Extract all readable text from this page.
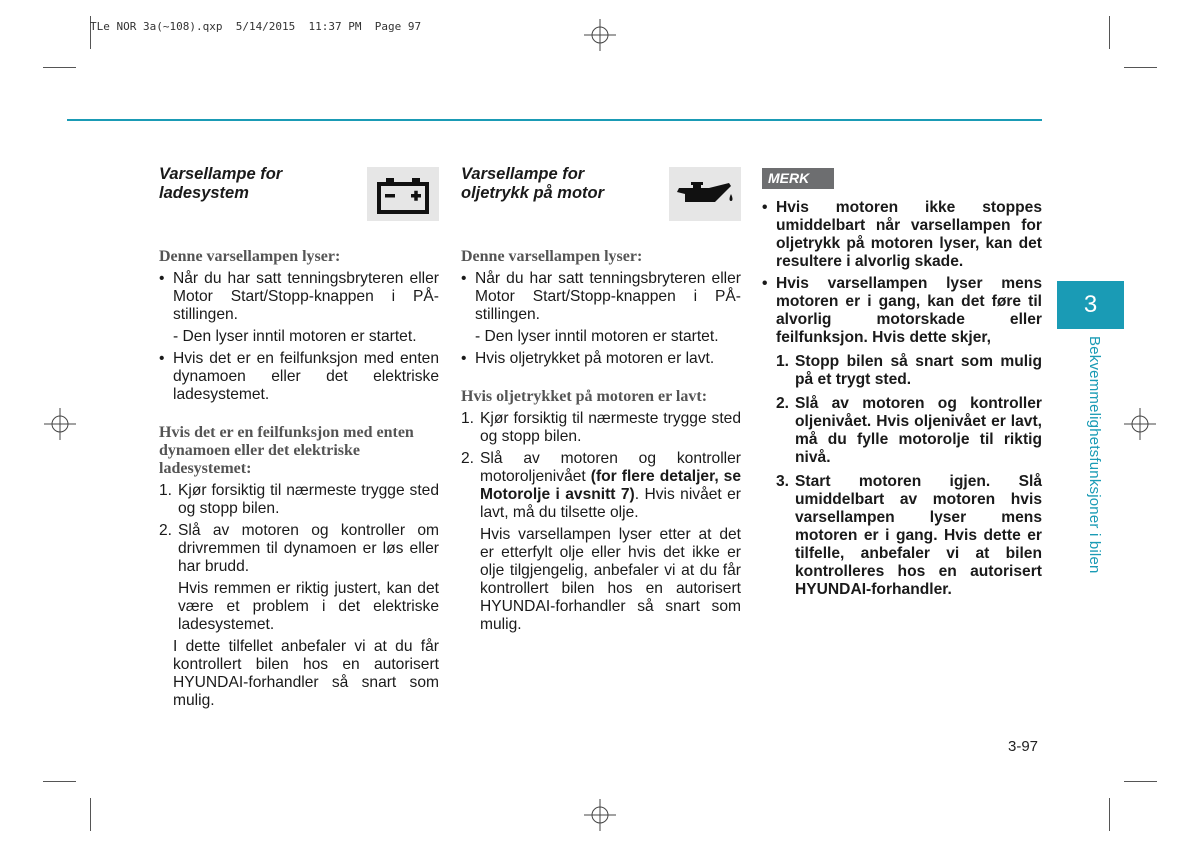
TLe NOR 3a(~108).qxp  5/14/2015  11:37 PM  Page 97
Varsellampe for
ladesystem

Denne varsellampen lyser:

• Når du har satt tenningsbryteren eller Motor Start/Stopp-knappen i PÅ- stillingen.

- Den lyser inntil motoren er startet.

• Hvis det er en feilfunksjon med enten dynamoen eller det elektriske ladesystemet.

Hvis det er en feilfunksjon med enten dynamoen eller det elektriske ladesystemet:

1. Kjør forsiktig til nærmeste trygge sted og stopp bilen.

2. Slå av motoren og kontroller om drivremmen til dynamoen er løs eller har brudd.

Hvis remmen er riktig justert, kan det være et problem i det elektriske ladesystemet.

I dette tilfellet anbefaler vi at du får kontrollert bilen hos en autorisert HYUNDAI-forhandler så snart som mulig.

Varsellampe for
oljetrykk på motor

Denne varsellampen lyser:

• Når du har satt tenningsbryteren eller Motor Start/Stopp-knappen i PÅ- stillingen.

- Den lyser inntil motoren er startet.

• Hvis oljetrykket på motoren er lavt.

Hvis oljetrykket på motoren er lavt:

1. Kjør forsiktig til nærmeste trygge sted og stopp bilen.

2. Slå av motoren og kontroller motoroljenivået (for flere detaljer, se Motorolje i avsnitt 7). Hvis nivået er lavt, må du tilsette olje.

Hvis varsellampen lyser etter at det er etterfylt olje eller hvis det ikke er olje tilgjengelig, anbefaler vi at du får kontrollert bilen hos en autorisert HYUNDAI-forhandler så snart som mulig.

MERK

• Hvis motoren ikke stoppes umiddelbart når varsellampen for oljetrykk på motoren lyser, kan det resultere i alvorlig skade.

• Hvis varsellampen lyser mens motoren er i gang, kan det føre til alvorlig motorskade eller feilfunksjon. Hvis dette skjer,

1. Stopp bilen så snart som mulig på et trygt sted.

2. Slå av motoren og kontroller oljenivået. Hvis oljenivået er lavt, må du fylle motorolje til riktig nivå.

3. Start motoren igjen. Slå umiddelbart av motoren hvis varsellampen lyser mens motoren er i gang. Hvis dette er tilfelle, anbefaler vi at bilen kontrolleres hos en autorisert HYUNDAI-forhandler.

3
Bekvemmelighetsfunksjoner i bilen
3-97
